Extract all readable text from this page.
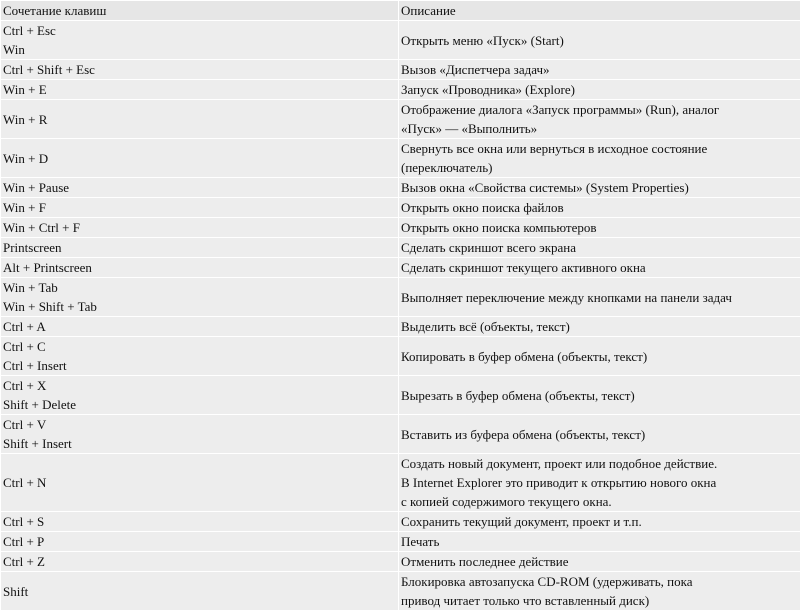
Сочетание клавиш	Описание

Ctrl + Esc
Win	Открыть меню «Пуск» (Start)

Ctrl + Shift + Esc	Вызов «Диспетчера задач»

Win + E	Запуск «Проводника» (Explore)

Win + R	Отображение диалога «Запуск программы» (Run), аналог
«Пуск» — «Выполнить»

Win + D	Свернуть все окна или вернуться в исходное состояние
(переключатель)

Win + Pause	Вызов окна «Свойства системы» (System Properties)

Win + F	Открыть окно поиска файлов

Win + Ctrl + F	Открыть окно поиска компьютеров

Printscreen	Сделать скриншот всего экрана

Alt + Printscreen	Сделать скриншот текущего активного окна

Win + Tab
Win + Shift + Tab	Выполняет переключение между кнопками на панели задач

Ctrl + A	Выделить всё (объекты, текст)

Ctrl + C
Ctrl + Insert	Копировать в буфер обмена (объекты, текст)

Ctrl + X
Shift + Delete	Вырезать в буфер обмена (объекты, текст)

Ctrl + V
Shift + Insert	Вставить из буфера обмена (объекты, текст)

Ctrl + N	Создать новый документ, проект или подобное действие.
В Internet Explorer это приводит к открытию нового окна
с копией содержимого текущего окна.

Ctrl + S	Сохранить текущий документ, проект и т.п.

Ctrl + P	Печать

Ctrl + Z	Отменить последнее действие

Shift	Блокировка автозапуска CD-ROM (удерживать, пока
привод читает только что вставленный диск)
